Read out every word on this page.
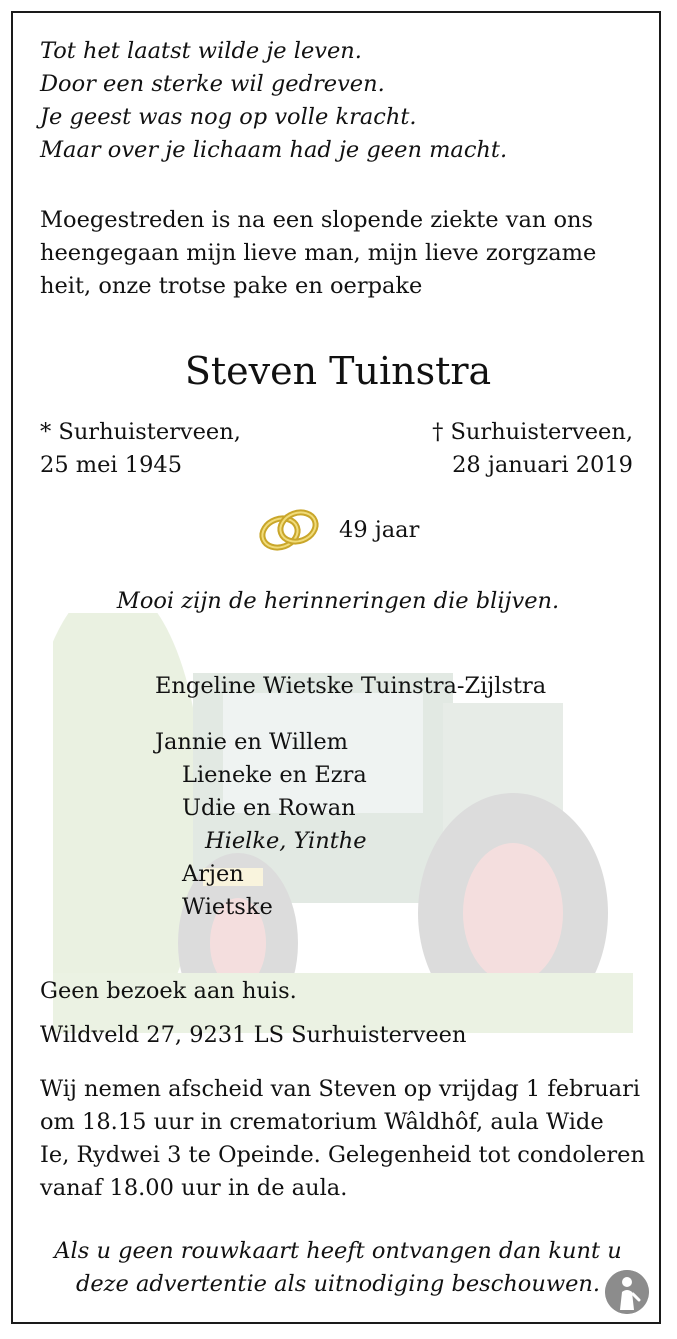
Tot het laatst wilde je leven.
Door een sterke wil gedreven.
Je geest was nog op volle kracht.
Maar over je lichaam had je geen macht.
Moegestreden is na een slopende ziekte van ons
heengegaan mijn lieve man, mijn lieve zorgzame
heit, onze trotse pake en oerpake
Steven Tuinstra
* Surhuisterveen,
25 mei 1945
† Surhuisterveen,
28 januari 2019
49 jaar
Mooi zijn de herinneringen die blijven.
Engeline Wietske Tuinstra-Zijlstra
Jannie en Willem
Lieneke en Ezra
Udie en Rowan
Hielke, Yinthe
Arjen
Wietske
Geen bezoek aan huis.
Wildveld 27, 9231 LS Surhuisterveen
Wij nemen afscheid van Steven op vrijdag 1 februari
om 18.15 uur in crematorium Wâldhôf, aula Wide
Ie, Rydwei 3 te Opeinde. Gelegenheid tot condoleren
vanaf 18.00 uur in de aula.
Als u geen rouwkaart heeft ontvangen dan kunt u
deze advertentie als uitnodiging beschouwen.
